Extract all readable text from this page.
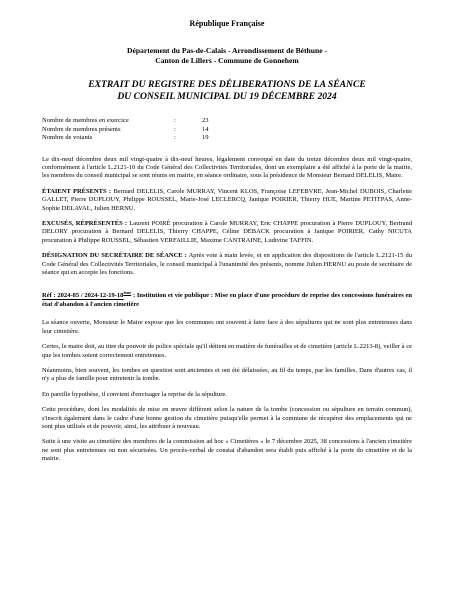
République Française
Département du Pas-de-Calais - Arrondissement de Béthune -
Canton de Lillers - Commune de Gonnehem
EXTRAIT DU REGISTRE DES DÉLIBERATIONS DE LA SÉANCE
DU CONSEIL MUNICIPAL DU 19 DÉCEMBRE 2024
Nombre de membres en exercice	:	23
Nombre de membres présents	:	14
Nombre de votants	:	19

Le dix-neuf décembre deux mil vingt-quatre à dix-neuf heures, légalement convoqué en date du treize décembre deux mil vingt-quatre, conformément à l'article L.2121-10 du Code Général des Collectivités Territoriales, dont un exemplaire a été affiché à la porte de la mairie, les membres du conseil municipal se sont réunis en mairie, en séance ordinaire, sous la présidence de Monsieur Bernard DELELIS, Maire.

ÉTAIENT PRÉSENTS : Bernard DELELIS, Carole MURRAY, Vincent KLOS, Françoise LEFEBVRE, Jean-Michel DUBOIS, Charlette GALLET, Pierre DUPLOUY, Philippe ROUSSEL, Marie-José LECLERCQ, Janique POIRIER, Thierry HUE, Martine PETITPAS, Anne-Sophie DELAVAL, Julien HERNU.

EXCUSÉS, RÉPRÉSENTÉS : Laurent POIRÉ procuration à Carole MURRAY, Eric CHAPPE procuration à Pierre DUPLOUY, Bertrand DELORY procuration à Bernard DELELIS, Thierry CHAPPE, Céline DEBACK procuration à Janique POIRIER, Cathy NICUTA procuration à Philippe ROUSSEL, Sébastien VERFAILLIE, Maxime CANTRAINE, Ludivine TAFFIN.

DÉSIGNATION DU SECRÉTAIRE DE SÉANCE : Après vote à main levée, et en application des dispositions de l'article L.2121-15 du Code Général des Collectivités Territoriales, le conseil municipal à l'unanimité des présents, nomme Julien HERNU au poste de secrétaire de séance qui en accepte les fonctions.

Réf : 2024-85 / 2024-12-19-18ème : Institution et vie publique : Mise en place d'une procédure de reprise des concessions funéraires en état d'abandon à l'ancien cimetière

La séance ouverte, Monsieur le Maire expose que les communes ont souvent à faire face à des sépultures qui ne sont plus entretenues dans leur cimetière.

Certes, le maire doit, au titre du pouvoir de police spéciale qu'il détient en matière de funérailles et de cimetière (article L.2213-8), veiller à ce que les tombes soient correctement entretenues.

Néanmoins, bien souvent, les tombes en question sont anciennes et ont été délaissées, au fil du temps, par les familles. Dans d'autres cas, il n'y a plus de famille pour entretenir la tombe.

En pareille hypothèse, il convient d'envisager la reprise de la sépulture.

Cette procédure, dont les modalités de mise en œuvre diffèrent selon la nature de la tombe (concession ou sépulture en terrain commun), s'inscrit également dans le cadre d'une bonne gestion du cimetière puisqu'elle permet à la commune de récupérer des emplacements qui ne sont plus utilisés et de pouvoir, ainsi, les attribuer à nouveau.

Suite à une visite au cimetière des membres de la commission ad hoc « Cimetières » le 7 décembre 2025, 38 concessions à l'ancien cimetière ne sont plus entretenues ou non sécurisées. Un procès-verbal de constat d'abandon sera établi puis affiché à la porte du cimetière et de la mairie.
